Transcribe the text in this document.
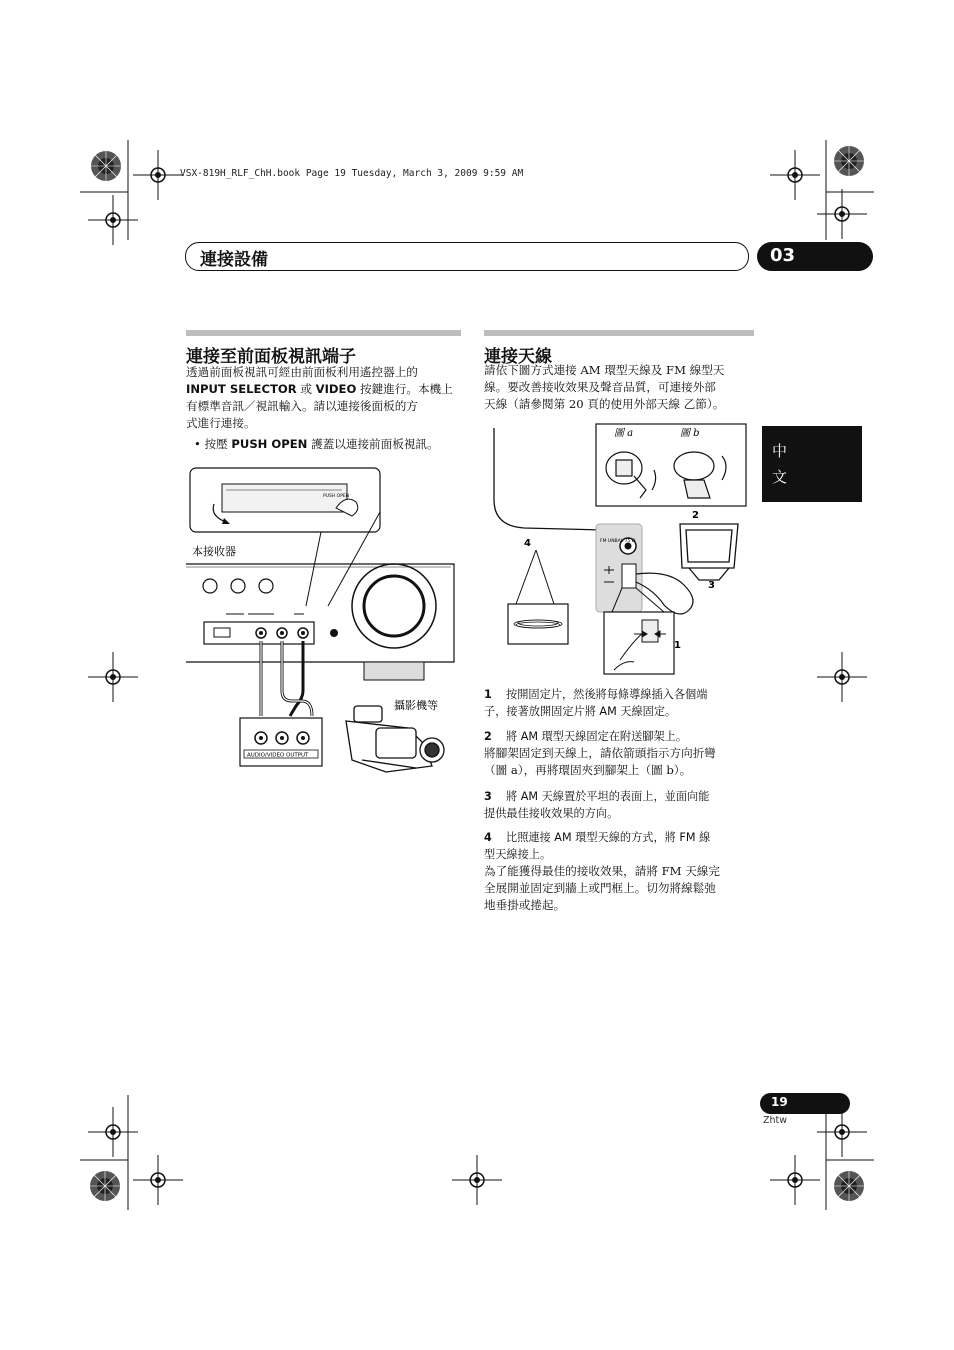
VSX-819H_RLF_ChH.book Page 19 Tuesday, March 3, 2009 9:59 AM
連接設備	03
中
文
連接至前面板視訊端子
透過前面板視訊可經由前面板利用遙控器上的
INPUT SELECTOR 或 VIDEO 按鍵進行。本機上
有標準音訊／視訊輸入。請以連接後面板的方
式進行連接。
• 按壓 PUSH OPEN 護蓋以連接前面板視訊。
PUSH OPEN
本接收器
AUDIO/VIDEO OUTPUT
攝影機等
連接天線
請依下圖方式連接 AM 環型天線及 FM 線型天
線。要改善接收效果及聲音品質，可連接外部
天線（請參閱第 20 頁的使用外部天線 乙節）。
圖 a	圖 b
FM UNBAL 75 Ω
2
3
4
1
1 按開固定片，然後將每條導線插入各個端
子，接著放開固定片將 AM 天線固定。
2 將 AM 環型天線固定在附送腳架上。
將腳架固定到天線上，請依箭頭指示方向折彎
（圖 a），再將環固夾到腳架上（圖 b）。
3 將 AM 天線置於平坦的表面上，並面向能
提供最佳接收效果的方向。
4 比照連接 AM 環型天線的方式，將 FM 線
型天線接上。
為了能獲得最佳的接收效果，請將 FM 天線完
全展開並固定到牆上或門框上。切勿將線鬆弛
地垂掛或捲起。
19
Zhtw
